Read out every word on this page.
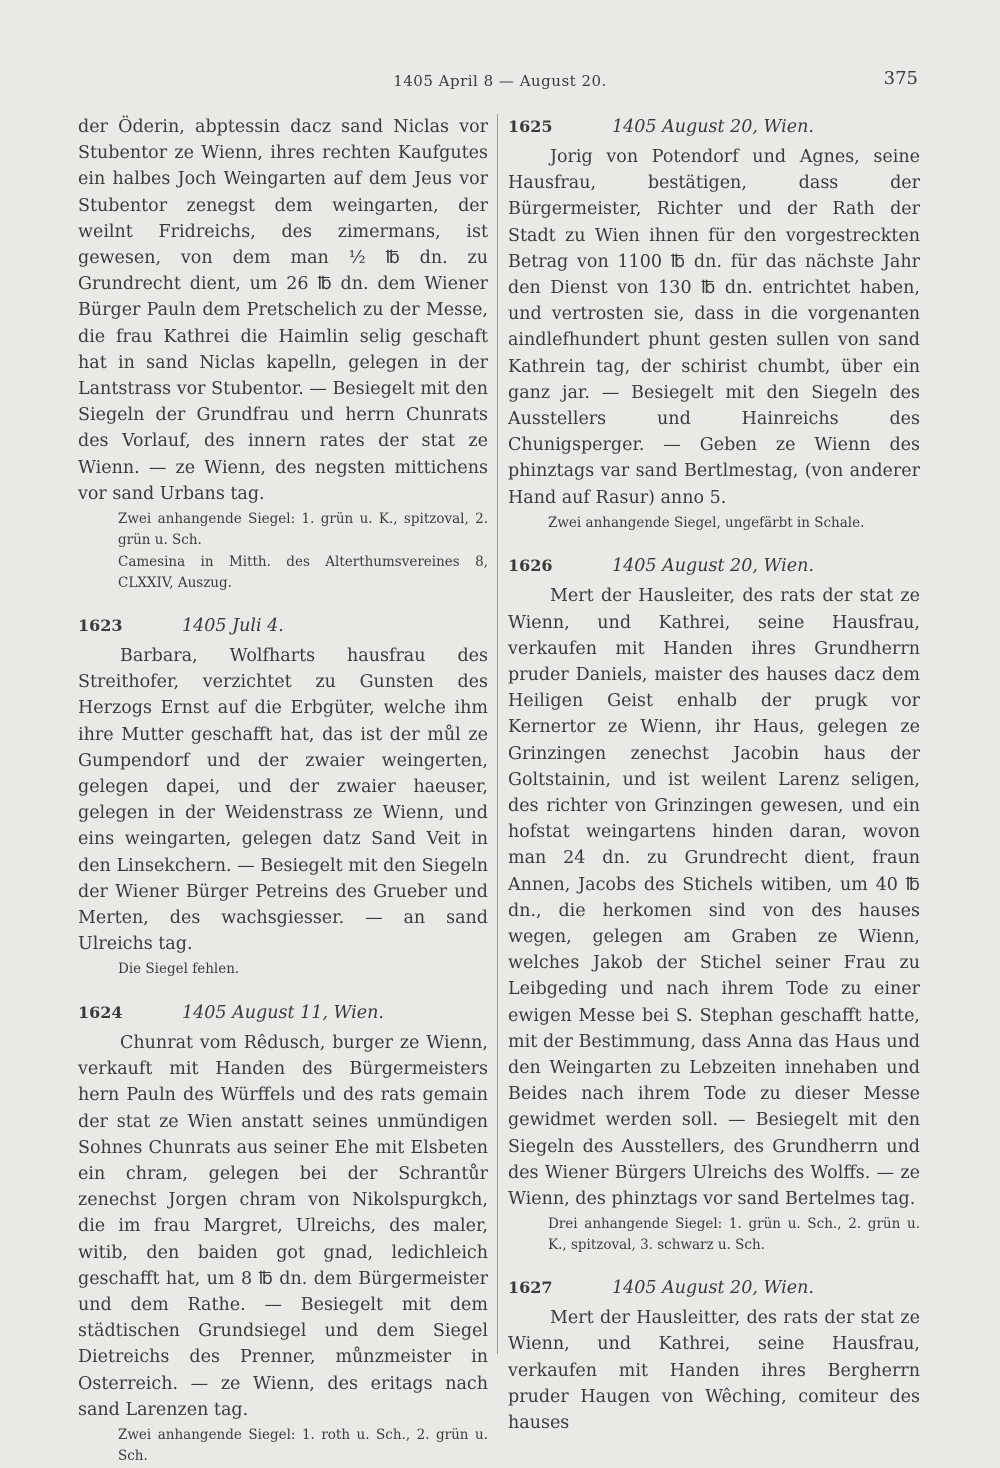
1405 April 8 — August 20.	375

der Öderin, abptessin dacz sand Niclas vor Stubentor ze Wienn, ihres rechten Kaufgutes ein halbes Joch Weingarten auf dem Jeus vor Stubentor zenegst dem weingarten, der weilnt Fridreichs, des zimermans, ist gewesen, von dem man ½ ℔ dn. zu Grundrecht dient, um 26 ℔ dn. dem Wiener Bürger Pauln dem Pretschelich zu der Messe, die frau Kathrei die Haimlin selig geschaft hat in sand Niclas kapelln, gelegen in der Lantstrass vor Stubentor. — Besiegelt mit den Siegeln der Grundfrau und herrn Chunrats des Vorlauf, des innern rates der stat ze Wienn. — ze Wienn, des negsten mittichens vor sand Urbans tag.

Zwei anhangende Siegel: 1. grün u. K., spitzoval, 2. grün u. Sch.

Camesina in Mitth. des Alterthumsvereines 8, CLXXIV, Auszug.

1623	1405 Juli 4.

Barbara, Wolfharts hausfrau des Streithofer, verzichtet zu Gunsten des Herzogs Ernst auf die Erbgüter, welche ihm ihre Mutter geschafft hat, das ist der můl ze Gumpendorf und der zwaier weingerten, gelegen dapei, und der zwaier haeuser, gelegen in der Weidenstrass ze Wienn, und eins weingarten, gelegen datz Sand Veit in den Linsekchern. — Besiegelt mit den Siegeln der Wiener Bürger Petreins des Grueber und Merten, des wachsgiesser. — an sand Ulreichs tag.

Die Siegel fehlen.

1624	1405 August 11, Wien.

Chunrat vom Rêdusch, burger ze Wienn, verkauft mit Handen des Bürgermeisters hern Pauln des Würffels und des rats gemain der stat ze Wien anstatt seines unmündigen Sohnes Chunrats aus seiner Ehe mit Elsbeten ein chram, gelegen bei der Schrantůr zenechst Jorgen chram von Nikolspurgkch, die im frau Margret, Ulreichs, des maler, witib, den baiden got gnad, ledichleich geschafft hat, um 8 ℔ dn. dem Bürgermeister und dem Rathe. — Besiegelt mit dem städtischen Grundsiegel und dem Siegel Dietreichs des Prenner, můnzmeister in Osterreich. — ze Wienn, des eritags nach sand Larenzen tag.

Zwei anhangende Siegel: 1. roth u. Sch., 2. grün u. Sch.

1625	1405 August 20, Wien.

Jorig von Potendorf und Agnes, seine Hausfrau, bestätigen, dass der Bürgermeister, Richter und der Rath der Stadt zu Wien ihnen für den vorgestreckten Betrag von 1100 ℔ dn. für das nächste Jahr den Dienst von 130 ℔ dn. entrichtet haben, und vertrosten sie, dass in die vorgenanten aindlefhundert phunt gesten sullen von sand Kathrein tag, der schirist chumbt, über ein ganz jar. — Besiegelt mit den Siegeln des Ausstellers und Hainreichs des Chunigsperger. — Geben ze Wienn des phinztags var sand Bertlmestag, (von anderer Hand auf Rasur) anno 5.

Zwei anhangende Siegel, ungefärbt in Schale.

1626	1405 August 20, Wien.

Mert der Hausleiter, des rats der stat ze Wienn, und Kathrei, seine Hausfrau, verkaufen mit Handen ihres Grundherrn pruder Daniels, maister des hauses dacz dem Heiligen Geist enhalb der prugk vor Kernertor ze Wienn, ihr Haus, gelegen ze Grinzingen zenechst Jacobin haus der Goltstainin, und ist weilent Larenz seligen, des richter von Grinzingen gewesen, und ein hofstat weingartens hinden daran, wovon man 24 dn. zu Grundrecht dient, fraun Annen, Jacobs des Stichels witiben, um 40 ℔ dn., die herkomen sind von des hauses wegen, gelegen am Graben ze Wienn, welches Jakob der Stichel seiner Frau zu Leibgeding und nach ihrem Tode zu einer ewigen Messe bei S. Stephan geschafft hatte, mit der Bestimmung, dass Anna das Haus und den Weingarten zu Lebzeiten innehaben und Beides nach ihrem Tode zu dieser Messe gewidmet werden soll. — Besiegelt mit den Siegeln des Ausstellers, des Grundherrn und des Wiener Bürgers Ulreichs des Wolffs. — ze Wienn, des phinztags vor sand Bertelmes tag.

Drei anhangende Siegel: 1. grün u. Sch., 2. grün u. K., spitzoval, 3. schwarz u. Sch.

1627	1405 August 20, Wien.

Mert der Hausleitter, des rats der stat ze Wienn, und Kathrei, seine Hausfrau, verkaufen mit Handen ihres Bergherrn pruder Haugen von Wêching, comiteur des hauses
